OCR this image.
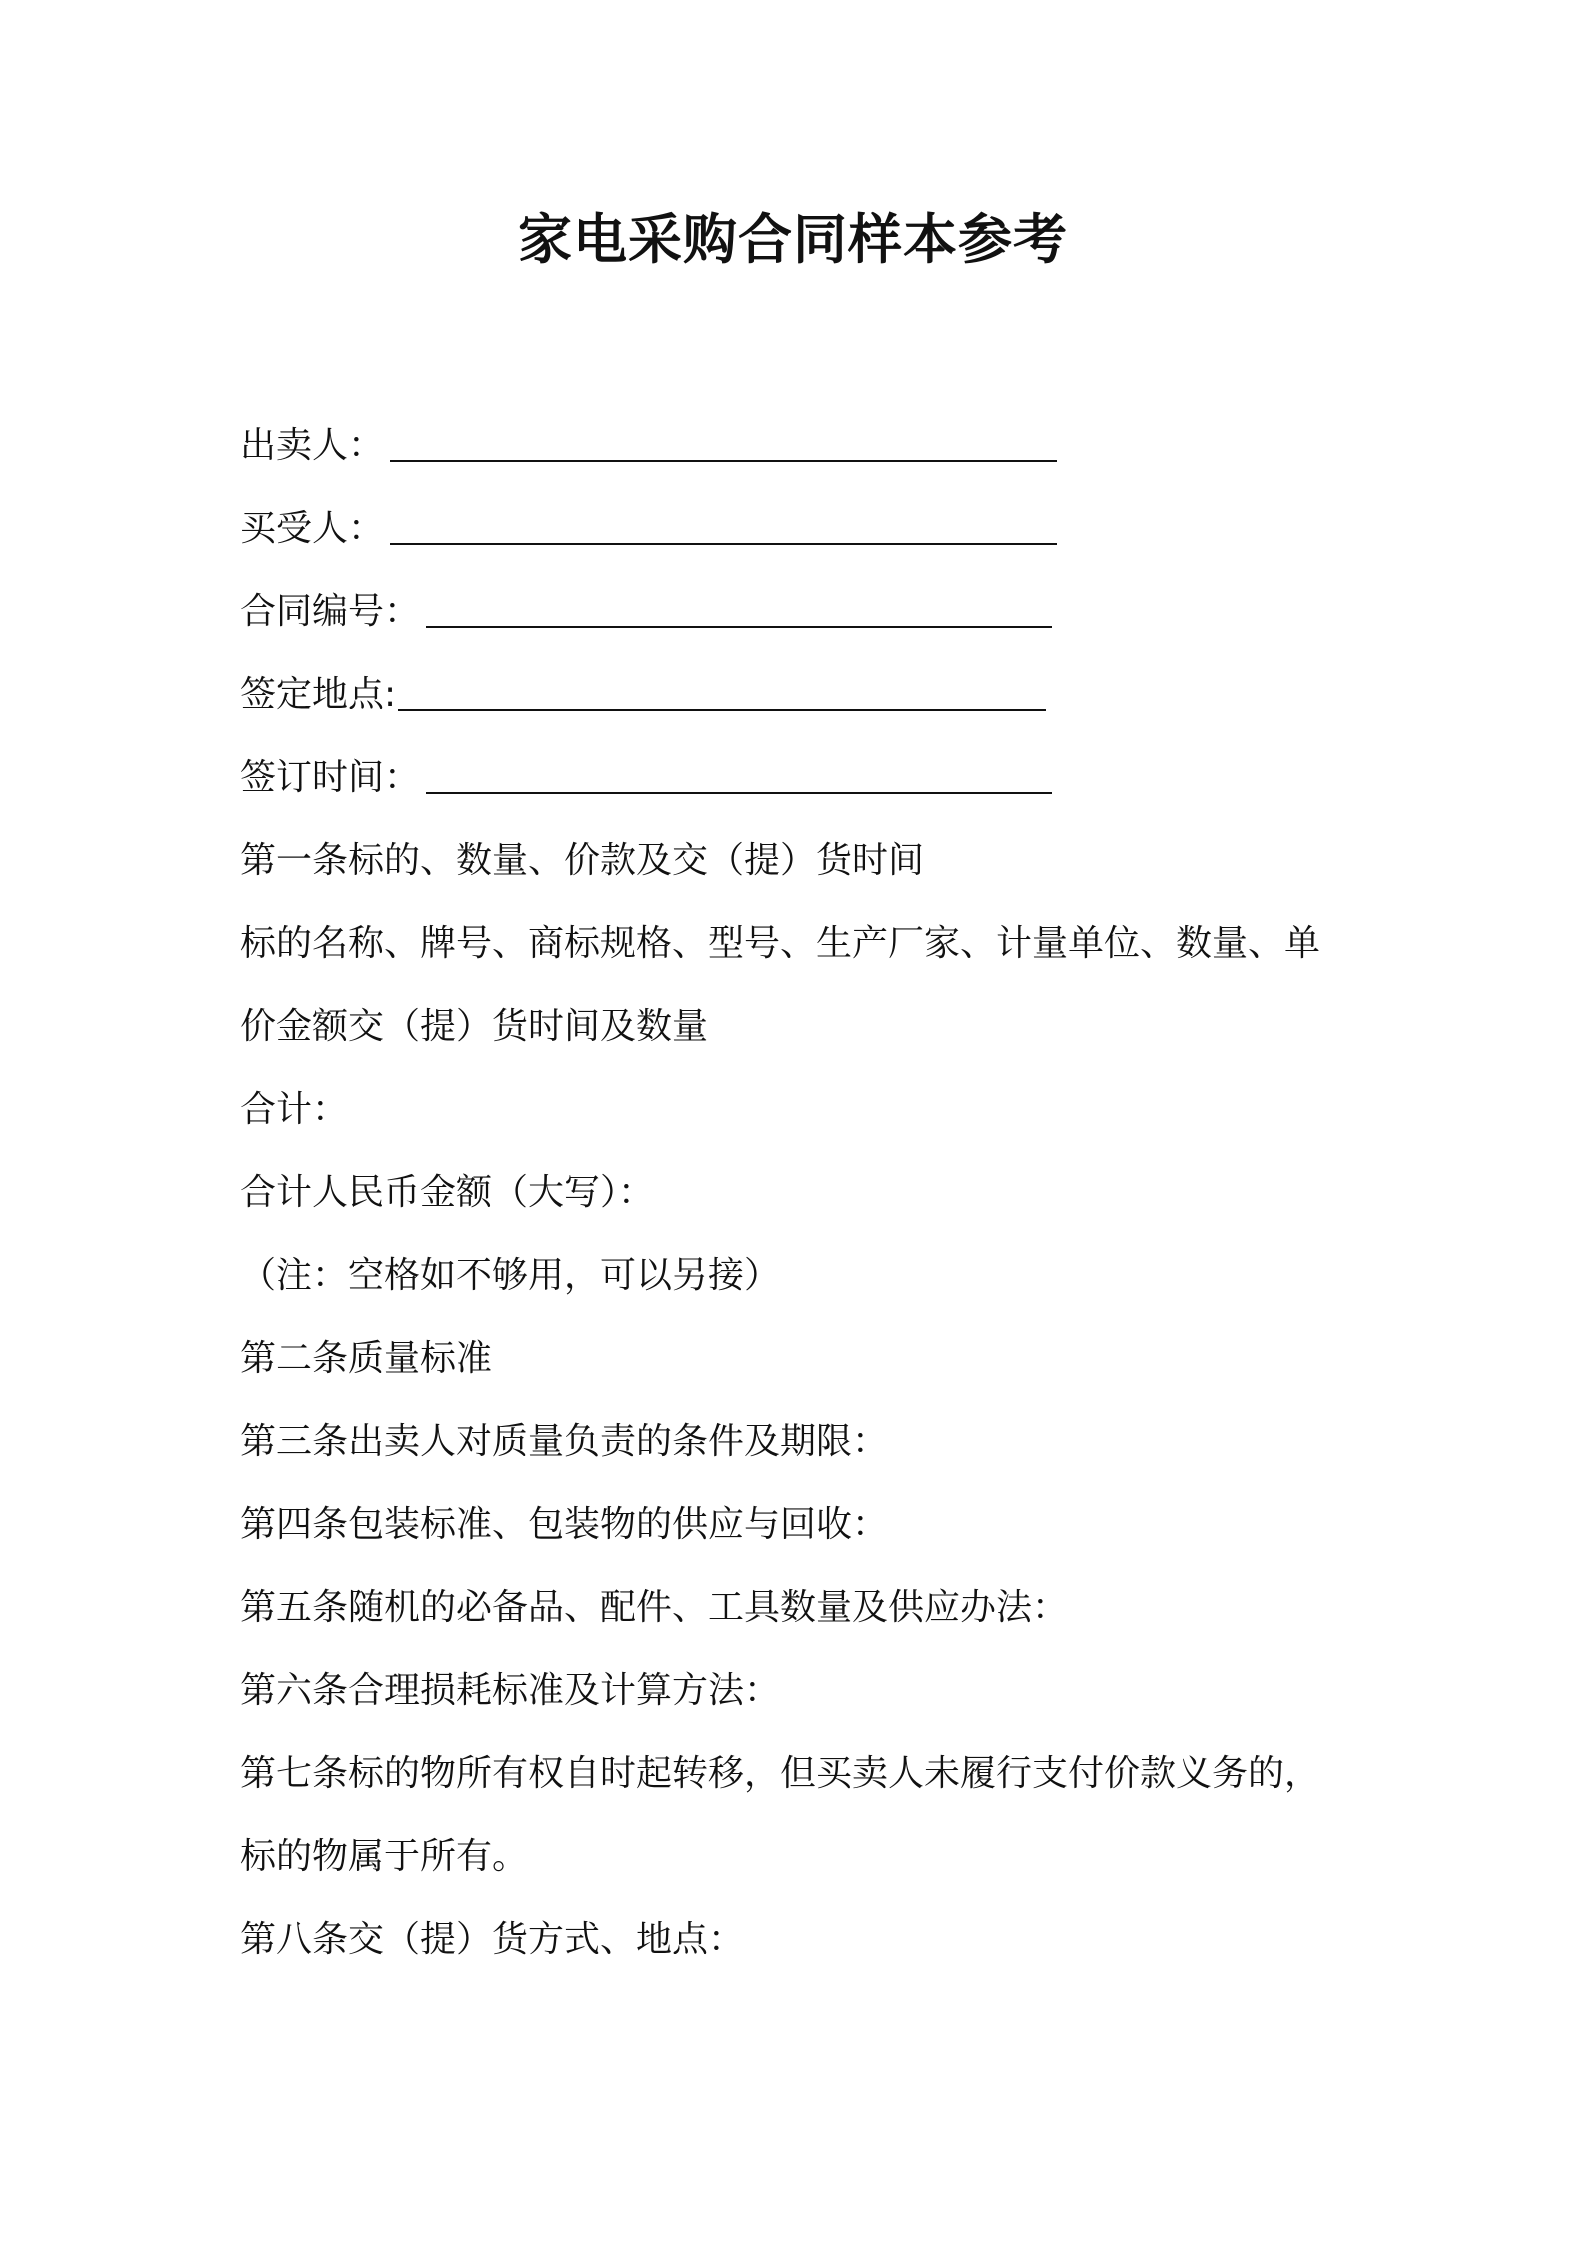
家电采购合同样本参考
出卖人：
买受人：
合同编号：
签定地点:
签订时间：
第一条标的、数量、价款及交（提）货时间
标的名称、牌号、商标规格、型号、生产厂家、计量单位、数量、单
价金额交（提）货时间及数量
合计：
合计人民币金额（大写）：
（注：空格如不够用，可以另接）
第二条质量标准
第三条出卖人对质量负责的条件及期限：
第四条包装标准、包装物的供应与回收：
第五条随机的必备品、配件、工具数量及供应办法：
第六条合理损耗标准及计算方法：
第七条标的物所有权自时起转移，但买卖人未履行支付价款义务的，
标的物属于所有。
第八条交（提）货方式、地点：
